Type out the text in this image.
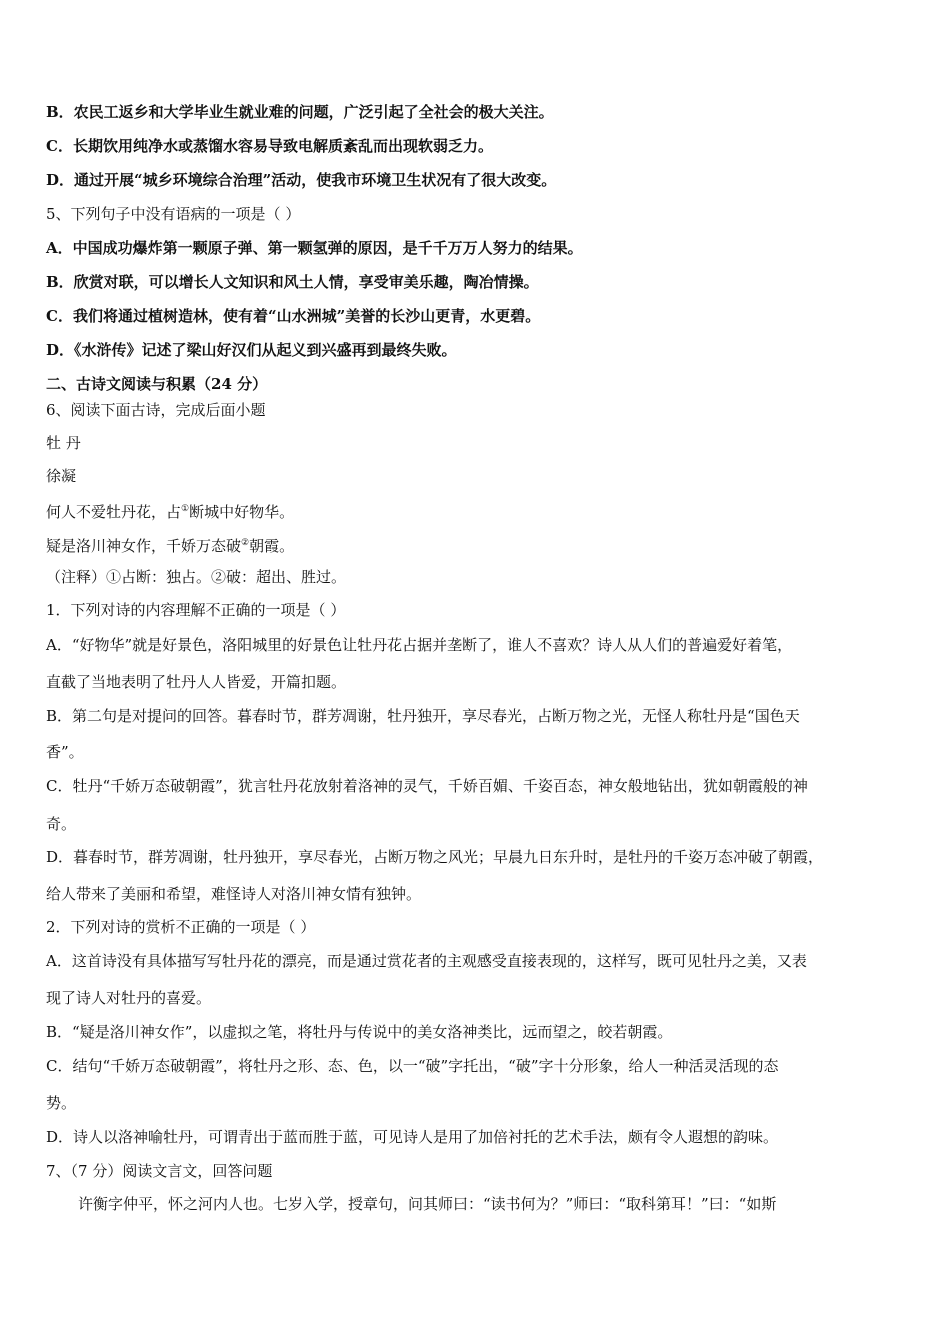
B．农民工返乡和大学毕业生就业难的问题，广泛引起了全社会的极大关注。
C．长期饮用纯净水或蒸馏水容易导致电解质紊乱而出现软弱乏力。
D．通过开展“城乡环境综合治理”活动，使我市环境卫生状况有了很大改变。
5、下列句子中没有语病的一项是（ ）
A．中国成功爆炸第一颗原子弹、第一颗氢弹的原因，是千千万万人努力的结果。
B．欣赏对联，可以增长人文知识和风土人情，享受审美乐趣，陶冶情操。
C．我们将通过植树造林，使有着“山水洲城”美誉的长沙山更青，水更碧。
D．《水浒传》记述了梁山好汉们从起义到兴盛再到最终失败。
二、古诗文阅读与积累（24 分）
6、阅读下面古诗，完成后面小题
牡 丹
徐凝
何人不爱牡丹花，占①断城中好物华。
疑是洛川神女作，千娇万态破②朝霞。
（注释）①占断：独占。②破：超出、胜过。
1．下列对诗的内容理解不正确的一项是（ ）
A．“好物华”就是好景色，洛阳城里的好景色让牡丹花占据并垄断了，谁人不喜欢？诗人从人们的普遍爱好着笔，
直截了当地表明了牡丹人人皆爱，开篇扣题。
B．第二句是对提问的回答。暮春时节，群芳凋谢，牡丹独开，享尽春光，占断万物之光，无怪人称牡丹是“国色天
香”。
C．牡丹“千娇万态破朝霞”，犹言牡丹花放射着洛神的灵气，千娇百媚、千姿百态，神女般地钻出，犹如朝霞般的神
奇。
D．暮春时节，群芳凋谢，牡丹独开，享尽春光，占断万物之风光；早晨九日东升时，是牡丹的千姿万态冲破了朝霞，
给人带来了美丽和希望，难怪诗人对洛川神女情有独钟。
2．下列对诗的赏析不正确的一项是（ ）
A．这首诗没有具体描写写牡丹花的漂亮，而是通过赏花者的主观感受直接表现的，这样写，既可见牡丹之美，又表
现了诗人对牡丹的喜爱。
B．“疑是洛川神女作”，以虚拟之笔，将牡丹与传说中的美女洛神类比，远而望之，皎若朝霞。
C．结句“千娇万态破朝霞”，将牡丹之形、态、色，以一“破”字托出，“破”字十分形象，给人一种活灵活现的态
势。
D．诗人以洛神喻牡丹，可谓青出于蓝而胜于蓝，可见诗人是用了加倍衬托的艺术手法，颇有令人遐想的韵味。
7、（7 分）阅读文言文，回答问题
许衡字仲平，怀之河内人也。七岁入学，授章句，问其师曰：“读书何为？”师曰：“取科第耳！”曰：“如斯
